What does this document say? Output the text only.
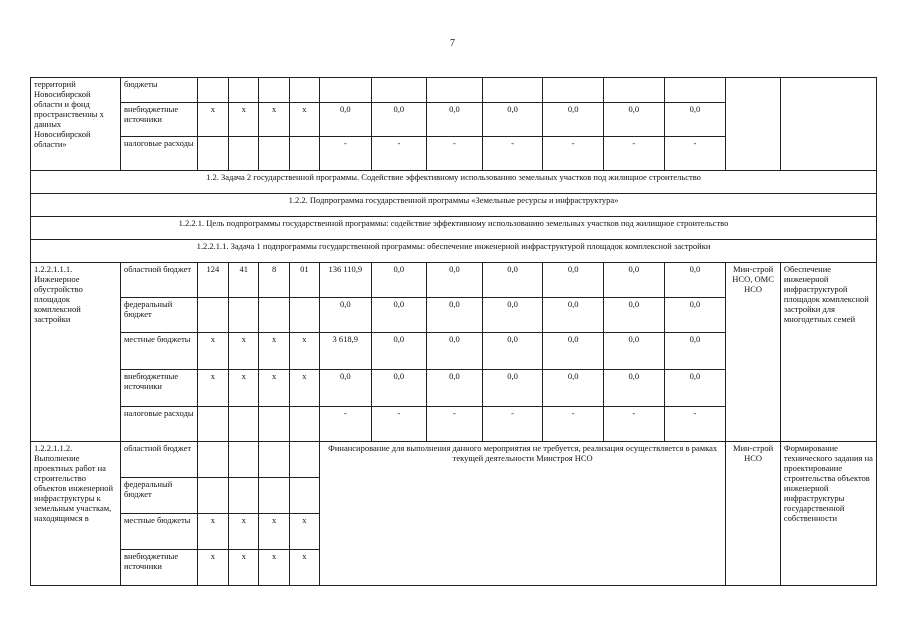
7
территорий Новосибирской области и фонд пространственны х данных Новосибирской области»	бюджеты													
	внебюджетные источники	x	x	x	x	0,0	0,0	0,0	0,0	0,0	0,0	0,0		
	налоговые расходы					-	-	-	-	-	-	-		
1.2. Задача 2 государственной программы. Содействие эффективному использованию земельных участков под жилищное строительство														
1.2.2. Подпрограмма государственной программы «Земельные ресурсы и инфраструктура»														
1.2.2.1. Цель подпрограммы государственной программы: содействие эффективному использованию земельных участков под жилищное строительство														
1.2.2.1.1. Задача 1 подпрограммы государственной программы: обеспечение инженерной инфраструктурой площадок комплексной застройки														
1.2.2.1.1.1. Инженерное обустройство площадок комплексной застройки	областной бюджет	124	41	8	01	136 110,9	0,0	0,0	0,0	0,0	0,0	0,0	Мин-строй НСО, ОМС НСО	Обеспечение инженерной инфраструктурой площадок комплексной застройки для многодетных семей
	федеральный бюджет					0,0	0,0	0,0	0,0	0,0	0,0	0,0		
	местные бюджеты	x	x	x	x	3 618,9	0,0	0,0	0,0	0,0	0,0	0,0		
	внебюджетные источники	x	x	x	x	0,0	0,0	0,0	0,0	0,0	0,0	0,0		
	налоговые расходы					-	-	-	-	-	-	-		
1.2.2.1.1.2. Выполнение проектных работ на строительство объектов инженерной инфраструктуры к земельным участкам, находящимся в	областной бюджет					Финансирование для выполнения данного мероприятия не требуется, реализация осуществляется в рамках текущей деятельности Минстроя НСО							Мин-строй НСО	Формирование технического задания на проектирование строительства объектов инженерной инфраструктуры государственной собственности
	федеральный бюджет													
	местные бюджеты	x	x	x	x									
	внебюджетные источники	x	x	x	x									
